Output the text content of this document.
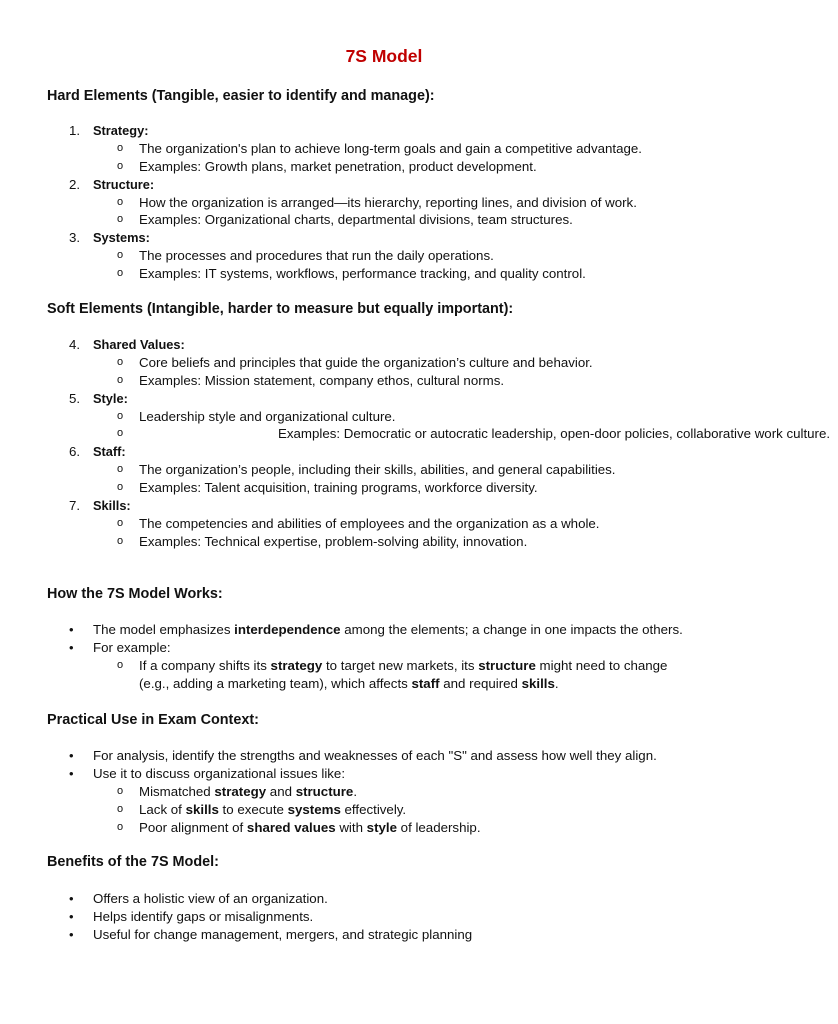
7S Model
Hard Elements (Tangible, easier to identify and manage):
1. Strategy:
o The organization's plan to achieve long-term goals and gain a competitive advantage.
o Examples: Growth plans, market penetration, product development.
2. Structure:
o How the organization is arranged—its hierarchy, reporting lines, and division of work.
o Examples: Organizational charts, departmental divisions, team structures.
3. Systems:
o The processes and procedures that run the daily operations.
o Examples: IT systems, workflows, performance tracking, and quality control.
Soft Elements (Intangible, harder to measure but equally important):
4. Shared Values:
o Core beliefs and principles that guide the organization’s culture and behavior.
o Examples: Mission statement, company ethos, cultural norms.
5. Style:
o Leadership style and organizational culture.
o	Examples: Democratic or autocratic leadership, open-door policies, collaborative work culture.
6. Staff:
o The organization’s people, including their skills, abilities, and general capabilities.
o Examples: Talent acquisition, training programs, workforce diversity.
7. Skills:
o The competencies and abilities of employees and the organization as a whole.
o Examples: Technical expertise, problem-solving ability, innovation.
How the 7S Model Works:
• The model emphasizes interdependence among the elements; a change in one impacts the others.
• For example:
o If a company shifts its strategy to target new markets, its structure might need to change
(e.g., adding a marketing team), which affects staff and required skills.
Practical Use in Exam Context:
• For analysis, identify the strengths and weaknesses of each "S" and assess how well they align.
• Use it to discuss organizational issues like:
o Mismatched strategy and structure.
o Lack of skills to execute systems effectively.
o Poor alignment of shared values with style of leadership.
Benefits of the 7S Model:
• Offers a holistic view of an organization.
• Helps identify gaps or misalignments.
• Useful for change management, mergers, and strategic planning
